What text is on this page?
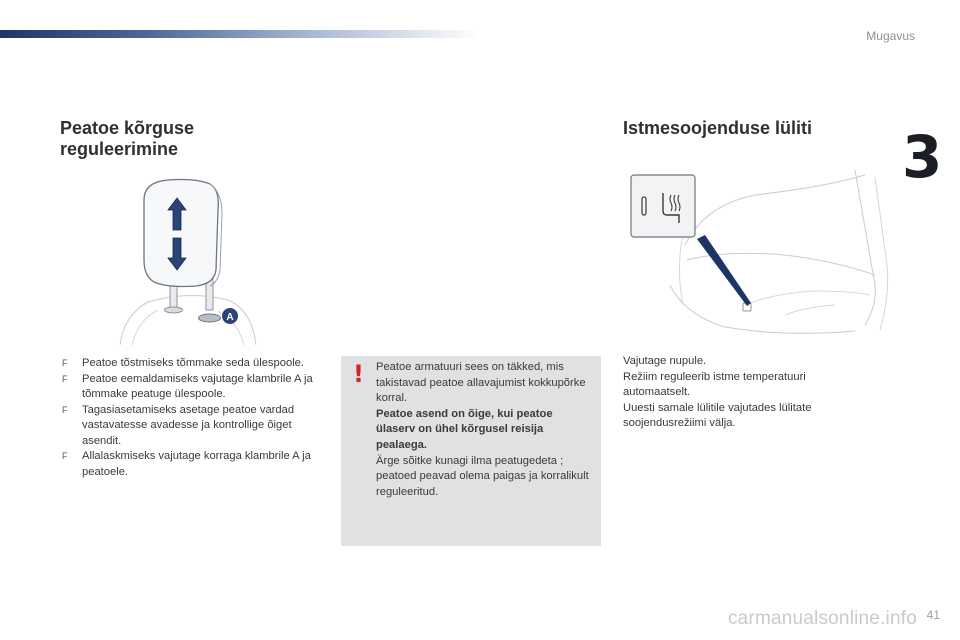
Mugavus
3
Peatoe kõrguse reguleerimine
A
F Peatoe tõstmiseks tõmmake seda ülespoole.
F Peatoe eemaldamiseks vajutage klambrile A ja tõmmake peatuge ülespoole.
F Tagasiasetamiseks asetage peatoe vardad vastavatesse avadesse ja kontrollige õiget asendit.
F Allalaskmiseks vajutage korraga klambrile A ja peatoele.
! Peatoe armatuuri sees on täkked, mis takistavad peatoe allavajumist kokkupõrke korral.

Peatoe asend on õige, kui peatoe ülaserv on ühel kõrgusel reisija pealaega.

Ärge sõitke kunagi ilma peatugedeta ; peatoed peavad olema paigas ja korralikult reguleeritud.

Istmesoojenduse lüliti

Vajutage nupule.

Režiim reguleerib istme temperatuuri automaatselt.

Uuesti samale lülitile vajutades lülitate soojendusrežiimi välja.

carmanualsonline.info 41
